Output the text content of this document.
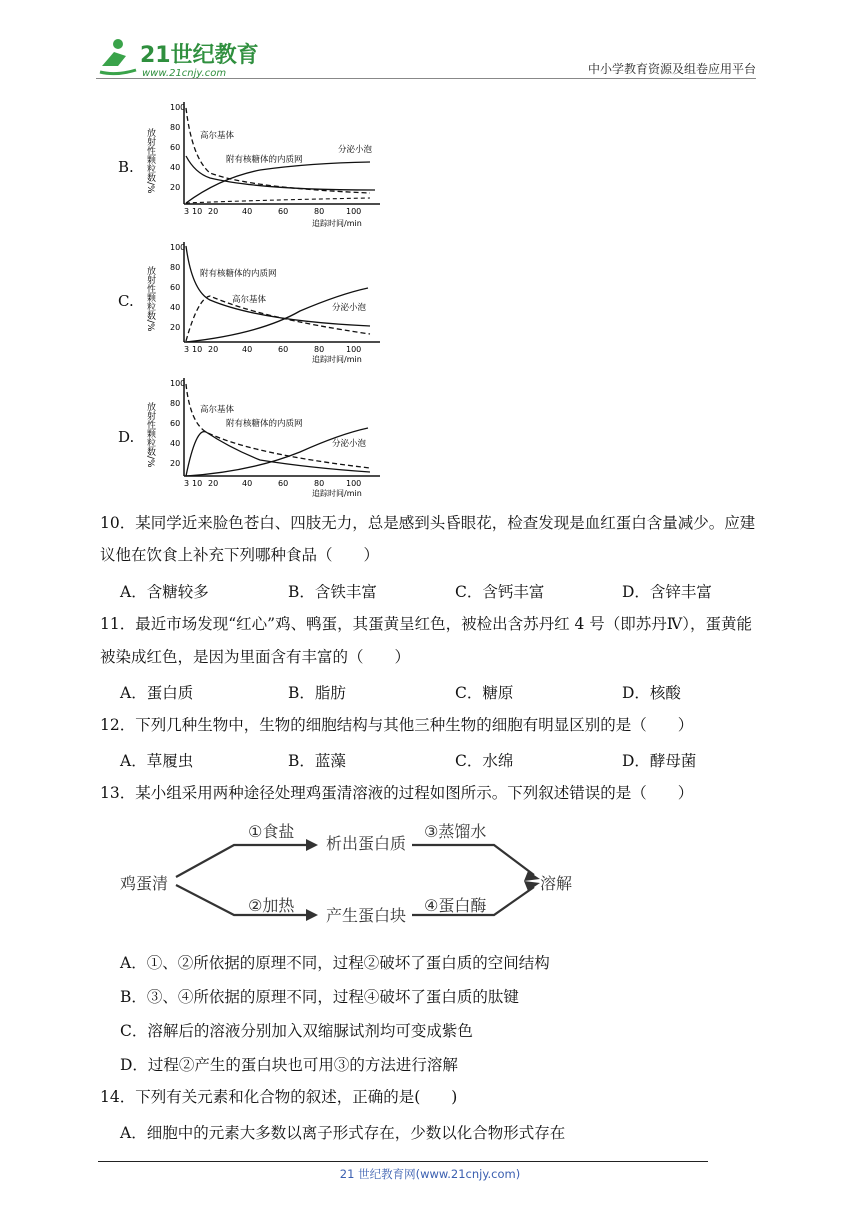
21世纪教育
www.21cnjy.com	中小学教育资源及组卷应用平台
B. 放射性颗粒数/%
100
80
60
40
20
3 10 20	40	60	80	100
追踪时间/min
高尔基体
附有核糖体的内质网
分泌小泡
C. 放射性颗粒数/%
100
80
60
40
20
3 10 20	40	60	80	100
追踪时间/min
附有核糖体的内质网
高尔基体
分泌小泡
D. 放射性颗粒数/%
100
80
60
40
20
3 10 20	40	60	80	100
追踪时间/min
高尔基体
附有核糖体的内质网
分泌小泡
10．某同学近来脸色苍白、四肢无力，总是感到头昏眼花，检查发现是血红蛋白含量减少。应建
议他在饮食上补充下列哪种食品（　　）
A．含糖较多	B．含铁丰富	C．含钙丰富	D．含锌丰富
11．最近市场发现“红心”鸡、鸭蛋，其蛋黄呈红色，被检出含苏丹红 4 号（即苏丹Ⅳ），蛋黄能
被染成红色，是因为里面含有丰富的（　　）
A．蛋白质	B．脂肪	C．糖原	D．核酸
12．下列几种生物中，生物的细胞结构与其他三种生物的细胞有明显区别的是（　　）
A．草履虫	B．蓝藻	C．水绵	D．酵母菌
13．某小组采用两种途径处理鸡蛋清溶液的过程如图所示。下列叙述错误的是（　　）
鸡蛋清
①食盐
析出蛋白质
③蒸馏水
②加热
产生蛋白块
④蛋白酶
溶解
A．①、②所依据的原理不同，过程②破坏了蛋白质的空间结构
B．③、④所依据的原理不同，过程④破坏了蛋白质的肽键
C．溶解后的溶液分别加入双缩脲试剂均可变成紫色
D．过程②产生的蛋白块也可用③的方法进行溶解
14．下列有关元素和化合物的叙述，正确的是(　　)
A．细胞中的元素大多数以离子形式存在，少数以化合物形式存在
21 世纪教育网(www.21cnjy.com)
